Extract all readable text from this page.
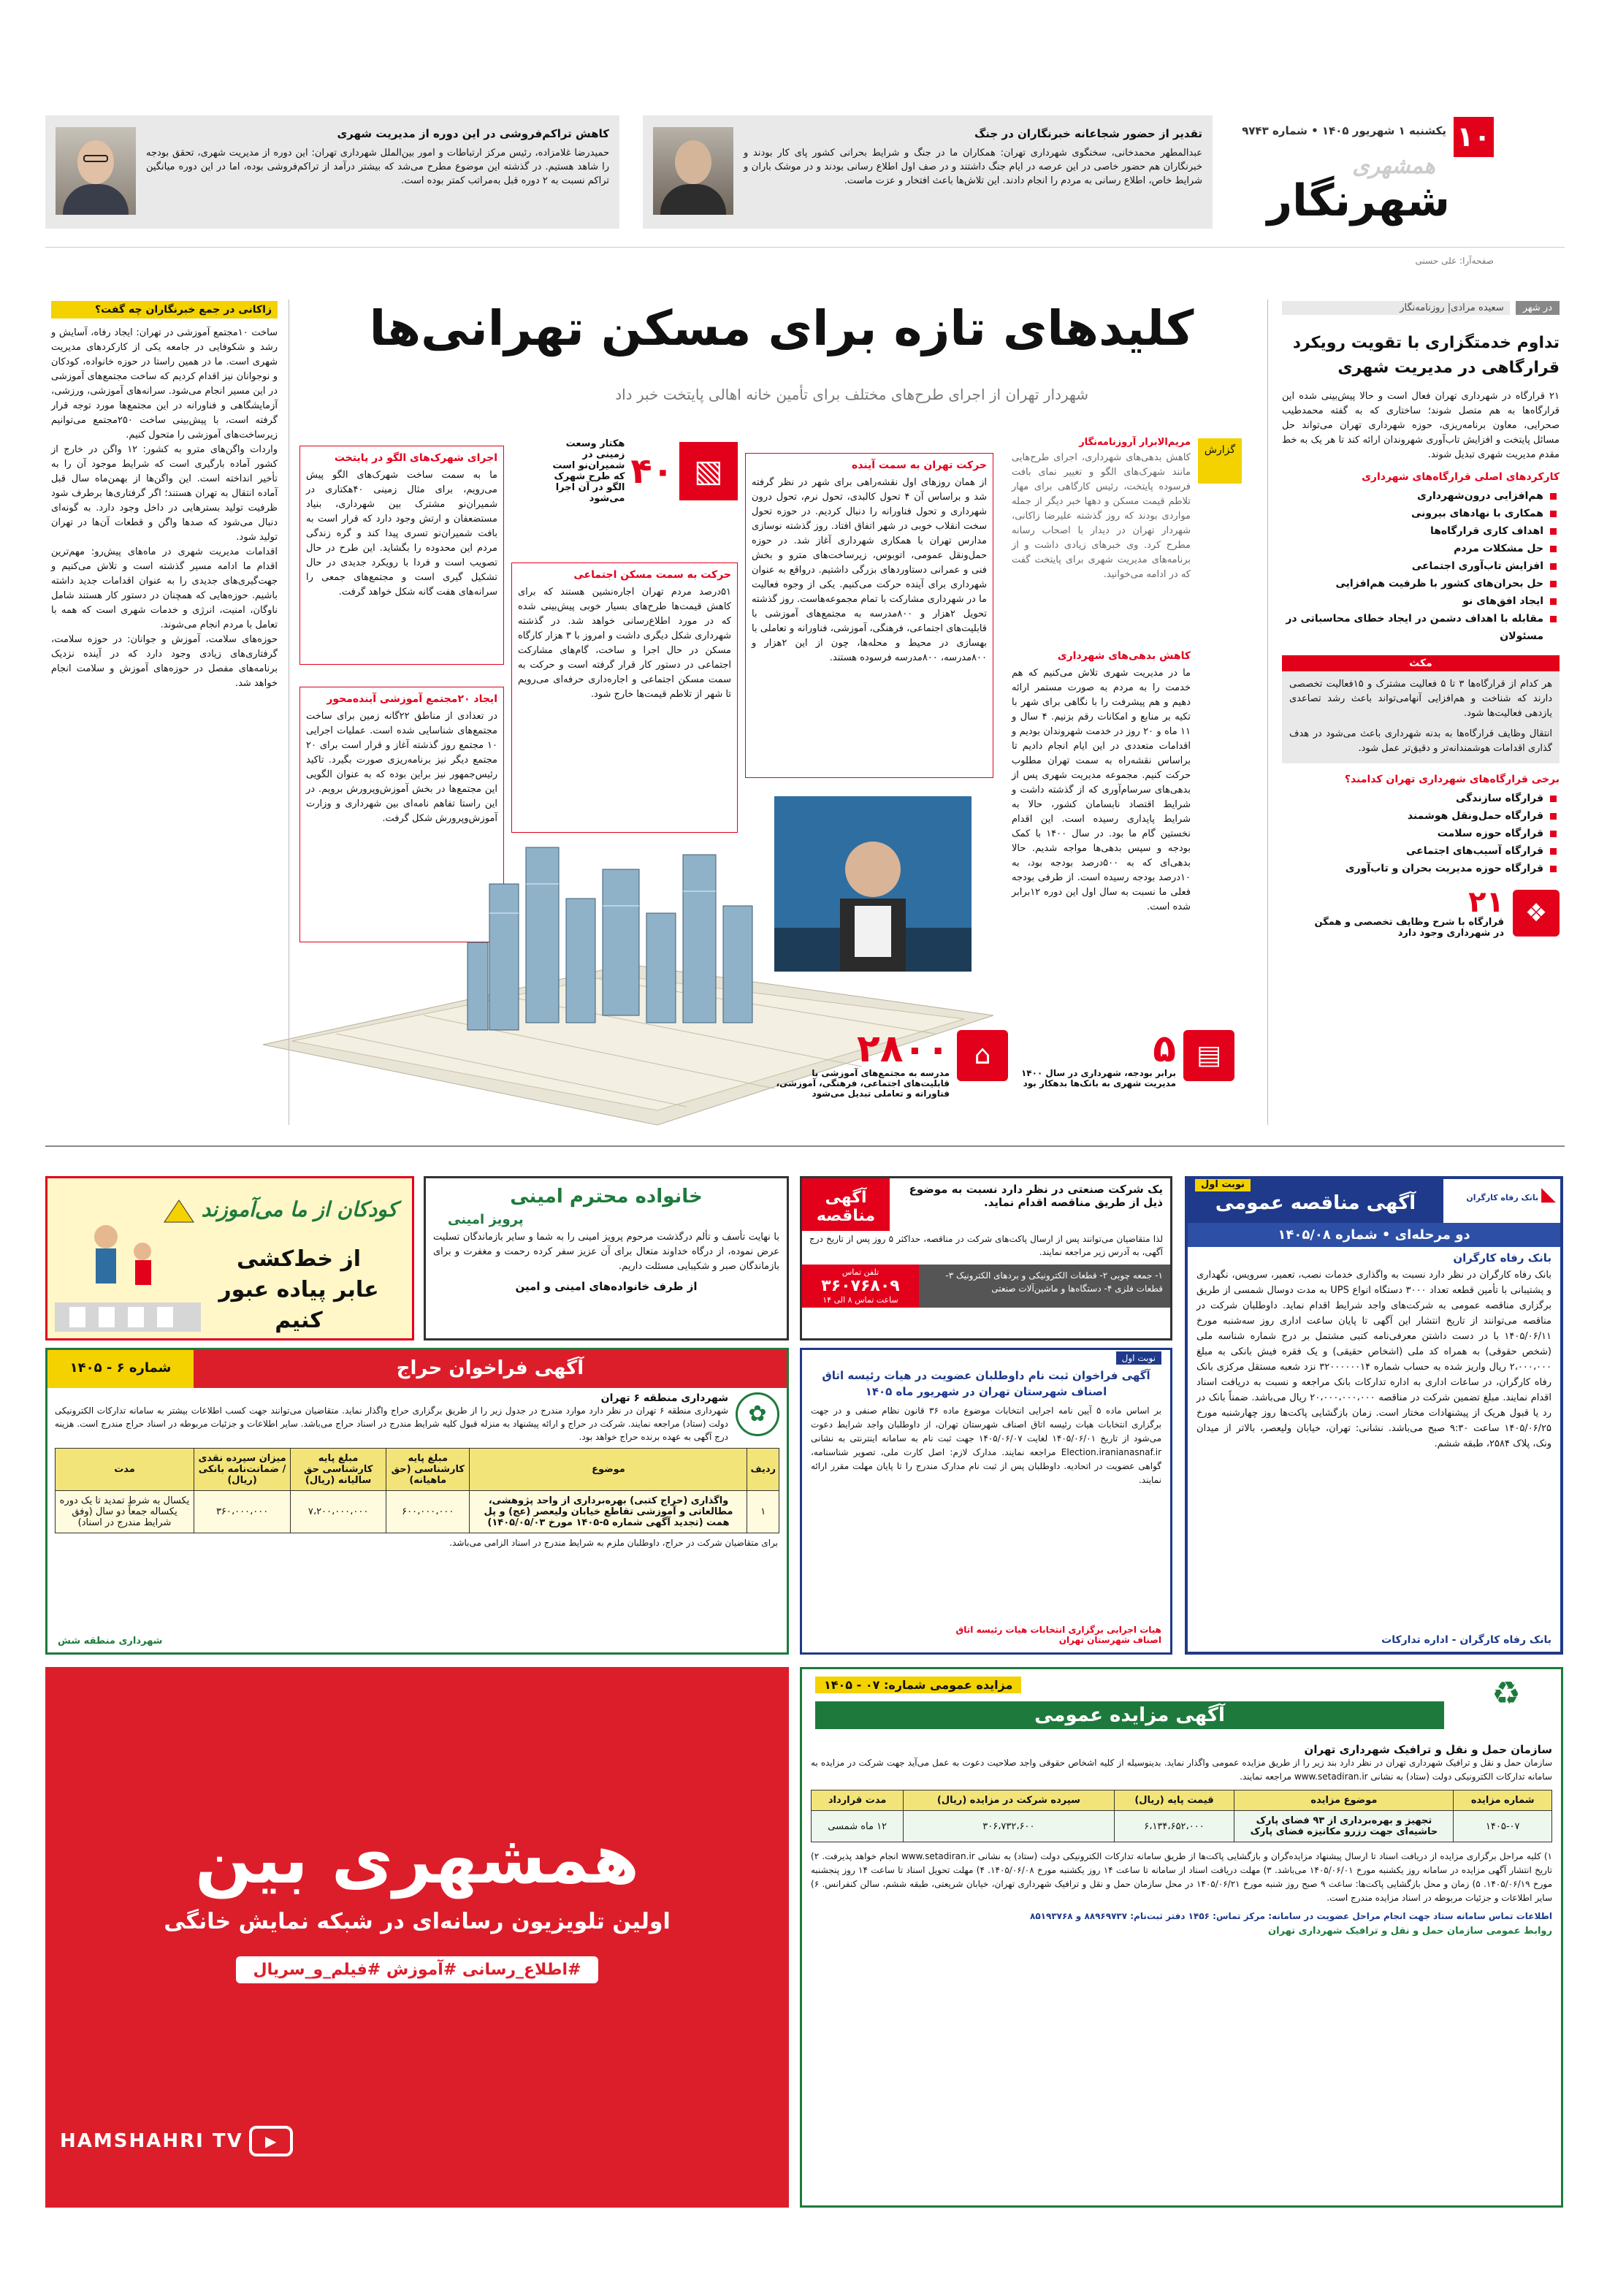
۱۰
یکشنبه ۱ شهریور ۱۴۰۵ • شماره ۹۷۴۳
همشهری
شهرنگار
صفحه‌آرا: علی حسنی
تقدیر از حضور شجاعانه خبرنگاران در جنگ

عبدالمطهر محمدخانی، سخنگوی شهرداری تهران: همکاران ما در جنگ و شرایط بحرانی کشور پای کار بودند و خبرنگاران هم حضور خاصی در این عرصه در ایام جنگ داشتند و در صف اول اطلاع رسانی بودند و در موشک باران و شرایط خاص، اطلاع رسانی به مردم را انجام دادند. این تلاش‌ها باعث افتخار و عزت ماست.

کاهش تراکم‌فروشی در این دوره از مدیریت شهری

حمیدرضا غلامزاده، رئیس مرکز ارتباطات و امور بین‌الملل شهرداری تهران: این دوره از مدیریت شهری، تحقق بودجه را شاهد هستیم. در گذشته این موضوع مطرح می‌شد که بیشتر درآمد از تراکم‌فروشی بوده، اما در این دوره میانگین تراکم نسبت به ۲ دوره قبل به‌مراتب کمتر بوده است.

در شهر
سعیده مرادی| روزنامه‌نگار
تداوم خدمتگزاری با تقویت رویکرد قرارگاهی در مدیریت شهری

۲۱ قرارگاه در شهرداری تهران فعال است و حالا پیش‌بینی شده این قرارگاه‌ها به هم متصل شوند؛ ساختاری که به گفته محمدطیب صحرایی، معاون برنامه‌ریزی، حوزه شهرداری تهران می‌تواند حل مسائل پایتخت و افزایش تاب‌آوری شهروندان ارائه کند تا هر یک به خط مقدم مدیریت شهری تبدیل شوند.

کارکردهای اصلی قرارگاه‌های شهرداری
هم‌افزایی درون‌شهرداری
همکاری با نهادهای بیرونی
اهداف کاری قرارگاه‌ها
حل مشکلات مردم
افزایش تاب‌آوری اجتماعی
حل بحران‌های کشور با ظرفیت هم‌افزایی
ایجاد افق‌های نو
مقابله با اهداف دشمن در ایجاد خطای محاسباتی در مسئولان
مکث

هر کدام از قرارگاه‌ها ۳ تا ۵ فعالیت مشترک و ۱۵فعالیت تخصصی دارند که شناخت و هم‌افزایی آنهامی‌تواند باعث رشد تصاعدی یازدهی فعالیت‌ها شود.

انتقال وظایف قرارگاه‌ها به بدنه شهرداری باعث می‌شود در هدف گذاری اقدامات هوشمندانه‌تر و دقیق‌تر عمل شود.

برخی قرارگاه‌های شهرداری تهران کدامند؟
قرارگاه سازندگی
قرارگاه حمل‌ونقل هوشمند
قرارگاه حوزه سلامت
قرارگاه آسیب‌های اجتماعی
قرارگاه حوزه مدیریت بحران و تاب‌آوری
❖
۲۱
قرارگاه با شرح وظایف تخصصی و همگن در شهرداری وجود دارد
کلیدهای تازه برای مسکن تهرانی‌ها
شهردار تهران از اجرای طرح‌های مختلف برای تأمین خانه اهالی پایتخت خبر داد
گزارش
مریم‌الابرار آروزنامه‌نگار

کاهش بدهی‌های شهرداری، اجرای طرح‌هایی مانند شهرک‌های الگو و تغییر نمای بافت فرسوده پایتخت، رئیس کارگاهی برای مهار تلاطم قیمت مسکن و دهها خبر دیگر از جمله مواردی بودند که روز گذشته علیرضا زاکانی، شهردار تهران در دیدار با اصحاب رسانه مطرح کرد. وی خبرهای زیادی داشت و از برنامه‌های مدیریت شهری برای پایتخت گفت که در ادامه می‌خوانید.

کاهش بدهی‌های شهرداری

ما در مدیریت شهری تلاش می‌کنیم که هم خدمت را به مردم به صورت مستمر ارائه دهیم و هم پیشرفت را با نگاهی برای شهر با تکیه بر منابع و امکانات رقم بزنیم. ۴ سال و ۱۱ ماه و ۲۰ روز در خدمت شهروندان بودیم و اقدامات متعددی در این ایام انجام دادیم تا براساس نقشه‌راه به سمت تهران مطلوب حرکت کنیم. مجموعه مدیریت شهری پس از بدهی‌های سرسام‌آوری که از گذشته داشت و شرایط اقتصاد نابسامان کشور، حالا به شرایط پایداری رسیده است. این اقدام نخستین گام ما بود. در سال ۱۴۰۰ با کمک بودجه و سپس بدهی‌ها مواجه شدیم. حالا بدهی‌ای که به ۵۰۰درصد بودجه بود، به ۱۰درصد بودجه رسیده است. از طرفی بودجه فعلی ما نسبت به سال اول این دوره ۱۲برابر شده است.

حرکت تهران به سمت آینده

از همان روزهای اول نقشه‌راهی برای شهر در نظر گرفته شد و براساس آن ۴ تحول کالبدی، تحول نرم، تحول درون شهرداری و تحول فناورانه را دنبال کردیم. در حوزه تحول سخت انقلاب خوبی در شهر اتفاق افتاد. روز گذشته نوسازی مدارس تهران با همکاری شهرداری آغاز شد. در حوزه حمل‌ونقل عمومی، اتوبوس، زیرساخت‌های مترو و بخش فنی و عمرانی دستاوردهای بزرگی داشتیم. درواقع به عنوان شهرداری برای آینده حرکت می‌کنیم. یکی از وجوه فعالیت ما در شهرداری مشارکت با تمام مجموعه‌هاست. روز گذشته تحویل ۲هزار و ۸۰۰مدرسه به مجتمع‌های آموزشی با قابلیت‌های اجتماعی، فرهنگی، آموزشی، فناورانه و تعاملی با بهسازی در محیط و محله‌ها، چون از این ۲هزار و ۸۰۰مدرسه، ۸۰۰مدرسه فرسوده هستند.

▧
۴۰
هکتار وسعت زمینی در شمیران‌نو است که طرح شهرک الگو در آن اجرا می‌شود
اجرای شهرک‌های الگو در پایتخت

ما به سمت ساخت شهرک‌های الگو پیش می‌رویم، برای مثال زمینی ۴۰هکتاری در شمیران‌نو مشترک بین شهرداری، بنیاد مستضعفان و ارتش وجود دارد که قرار است به بافت شمیران‌نو تسری پیدا کند و گره زندگی مردم این محدوده را بگشاید. این طرح در حال تصویب است و فردا با رویکرد جدیدی در حال تشکیل گیری است و مجتمع‌های جمعی را سرانه‌های هفت گانه شکل خواهد گرفت.

حرکت به سمت مسکن اجتماعی

۵۱درصد مردم تهران اجاره‌نشین هستند که برای کاهش قیمت‌ها طرح‌های بسیار خوبی پیش‌بینی شده که در مورد اطلاع‌رسانی خواهد شد. در گذشته شهرداری شکل دیگری داشت و امروز با ۳ هزار کارگاه مسکن در حال اجرا و ساخت، گام‌های مشارکت اجتماعی در دستور کار قرار گرفته است و حرکت به سمت مسکن اجتماعی و اجاره‌داری حرفه‌ای می‌رویم تا شهر از تلاطم قیمت‌ها خارج شود.

ایجاد ۲۰مجتمع آموزشی آینده‌محور

در تعدادی از مناطق ۲۲گانه زمین برای ساخت مجتمع‌های شناسایی شده است. عملیات اجرایی ۱۰ مجتمع روز گذشته آغاز و قرار است برای ۲۰ مجتمع دیگر نیز برنامه‌ریزی صورت بگیرد. تاکید رئیس‌جمهور نیز براین بوده که به عنوان الگویی این مجتمع‌ها در بخش آموزش‌وپرورش برویم. در این راستا تفاهم نامه‌ای بین شهرداری و وزارت آموزش‌وپرورش شکل گرفت.

⌂
۲۸۰۰
مدرسه به مجتمع‌های آموزشی با قابلیت‌های اجتماعی، فرهنگی، آموزشی، فناورانه و تعاملی تبدیل می‌شود
▤
۵
برابر بودجه، شهرداری در سال ۱۴۰۰ مدیریت شهری به بانک‌ها بدهکار بود
زاکانی در جمع خبرنگاران چه گفت؟

ساخت ۱۰مجتمع آموزشی در تهران: ایجاد رفاه، آسایش و رشد و شکوفایی در جامعه یکی از کارکردهای مدیریت شهری است. ما در همین راستا در حوزه خانواده، کودکان و نوجوانان نیز اقدام کردیم که ساخت مجتمع‌های آموزشی در این مسیر انجام می‌شود. سرانه‌های آموزشی، ورزشی، آزمایشگاهی و فناورانه در این مجتمع‌ها مورد توجه قرار گرفته است، با پیش‌بینی ساخت ۲۵۰مجتمع می‌توانیم زیرساخت‌های آموزشی را متحول کنیم.
واردات واگن‌های مترو به کشور: ۱۲ واگن در خارج از کشور آماده بارگیری است که شرایط موجود آن را به تأخیر انداخته است. این واگن‌ها از بهمن‌ماه سال قبل آماده انتقال به تهران هستند؛ اگر گرفتاری‌ها برطرف شود ظرفیت تولید بسترهایی در داخل وجود دارد. به گونه‌ای دنبال می‌شود که صدها واگن و قطعات آن‌ها در تهران تولید شود.
اقدامات مدیریت شهری در ماه‌های پیش‌رو: مهم‌ترین اقدام ما ادامه مسیر گذشته است و تلاش می‌کنیم و جهت‌گیری‌های جدیدی را به عنوان اقدامات جدید داشته باشیم. حوزه‌هایی که همچنان در دستور کار هستند شامل ناوگان، امنیت، انرژی و خدمات شهری است که همه با تعامل با مردم انجام می‌شوند.
حوزه‌های سلامت، آموزش و جوانان: در حوزه سلامت، گرفتاری‌های زیادی وجود دارد که در آینده نزدیک برنامه‌های مفصل در حوزه‌های آموزش و سلامت انجام خواهد شد.

◣ بانک رفاه کارگران
نوبت اول
آگهی مناقصه عمومی
دو مرحله‌ای • شماره ۱۴۰۵/۰۸
بانک رفاه کارگران

بانک رفاه کارگران در نظر دارد نسبت به واگذاری خدمات نصب، تعمیر، سرویس، نگهداری و پشتیبانی با تأمین قطعه تعداد ۳۰۰۰ دستگاه انواع UPS به مدت دوسال شمسی از طریق برگزاری مناقصه عمومی به شرکت‌های واجد شرایط اقدام نماید. داوطلبان شرکت در مناقصه می‌توانند از تاریخ انتشار این آگهی تا پایان ساعت اداری روز سه‌شنبه مورخ ۱۴۰۵/۰۶/۱۱ با در دست داشتن معرفی‌نامه کتبی مشتمل بر درج شماره شناسه ملی (شخص حقوقی) به همراه کد ملی (اشخاص حقیقی) و یک فقره فیش بانکی به مبلغ ۲،۰۰۰،۰۰۰ ریال واریز شده به حساب شماره ۳۲۰۰۰۰۰۰۱۴ نزد شعبه مستقل مرکزی بانک رفاه کارگران، در ساعات اداری به اداره تدارکات بانک مراجعه و نسبت به دریافت اسناد اقدام نمایند. مبلغ تضمین شرکت در مناقصه ۲۰،۰۰۰،۰۰۰،۰۰۰ ریال می‌باشد. ضمناً بانک در رد یا قبول هریک از پیشنهادات مختار است. زمان بازگشایی پاکت‌ها روز چهارشنبه مورخ ۱۴۰۵/۰۶/۲۵ ساعت ۹:۳۰ صبح می‌باشد. نشانی: تهران، خیابان ولیعصر، بالاتر از میدان ونک، پلاک ۲۵۸۴، طبقه ششم.

بانک رفاه کارگران - اداره تدارکات
یک شرکت صنعتی در نظر دارد نسبت به موضوع ذیل از طریق مناقصه اقدام نماید.
آگهی مناقصه

لذا متقاضیان می‌توانند پس از ارسال پاکت‌های شرکت در مناقصه، حداکثر ۵ روز پس از تاریخ درج آگهی، به آدرس زیر مراجعه نمایند.

۱- جمعه چوبی ۲- قطعات الکترونیکی و بردهای الکترونیک ۳- قطعات فلزی ۴- دستگاه‌ها و ماشین‌آلات صنعتی
تلفن تماس
۳۶۰۷۶۸۰۹
ساعت تماس ۸ الی ۱۴
خانواده محترم امینی
پرویز امینی

با نهایت تأسف و تألم درگذشت مرحوم پرویز امینی را به شما و سایر بازماندگان تسلیت عرض نموده، از درگاه خداوند متعال برای آن عزیز سفر کرده رحمت و مغفرت و برای بازماندگان صبر و شکیبایی مسئلت داریم.

از طرف خانواده‌های امینی و امین
کودکان از ما می‌آموزند
از خط‌کشی عابر پیاده عبور کنیم
آگهی فراخوان حراج
شماره ۶ - ۱۴۰۵
✿
شهرداری منطقه ۶ تهران

شهرداری منطقه ۶ تهران در نظر دارد موارد مندرج در جدول زیر را از طریق برگزاری حراج واگذار نماید. متقاضیان می‌توانند جهت کسب اطلاعات بیشتر به سامانه تدارکات الکترونیکی دولت (ستاد) مراجعه نمایند. شرکت در حراج و ارائه پیشنهاد به منزله قبول کلیه شرایط مندرج در اسناد حراج می‌باشد. سایر اطلاعات و جزئیات مربوطه در اسناد حراج مندرج است. هزینه درج آگهی به عهده برنده حراج خواهد بود.

ردیف	موضوع	مبلغ پایه کارشناسی (حق ماهیانه)	مبلغ پایه کارشناسی حق سالیانه (ریال)	میزان سپرده نقدی / ضمانت‌نامه بانکی (ریال)	مدت
۱	واگذاری (حراج کتبی) بهره‌برداری از واحد پژوهشی، مطالعاتی و آموزشی تقاطع خیابان ولیعصر (عج) و پل همت (تجدید آگهی شماره ۵-۱۴۰۵ مورخ ۱۴۰۵/۰۵/۰۳)	۶۰۰،۰۰۰،۰۰۰	۷،۲۰۰،۰۰۰،۰۰۰	۳۶۰،۰۰۰،۰۰۰	یکسال به شرط تمدید تا یک دوره یکساله جمعاً دو سال (وفق شرایط مندرج در اسناد)
برای متقاضیان شرکت در حراج، داوطلبان ملزم به شرایط مندرج در اسناد الزامی می‌باشد.
شهرداری منطقه شش
نوبت اول
آگهی فراخوان ثبت نام داوطلبان عضویت در هیات رئیسه اتاق اصناف شهرستان تهران در شهریور ماه ۱۴۰۵

بر اساس ماده ۵ آیین نامه اجرایی انتخابات موضوع ماده ۳۶ قانون نظام صنفی و در جهت برگزاری انتخابات هیات رئیسه اتاق اصناف شهرستان تهران، از داوطلبان واجد شرایط دعوت می‌شود از تاریخ ۱۴۰۵/۰۶/۰۱ لغایت ۱۴۰۵/۰۶/۰۷ جهت ثبت نام به سامانه اینترنتی به نشانی Election.iranianasnaf.ir مراجعه نمایند. مدارک لازم: اصل کارت ملی، تصویر شناسنامه، گواهی عضویت در اتحادیه. داوطلبان پس از ثبت نام مدارک مندرج را تا پایان مهلت مقرر ارائه نمایند.

هیات اجرایی برگزاری انتخابات هیات رئیسه اتاق اصناف شهرستان تهران
همشهری بین
اولین تلویزیون رسانه‌ای در شبکه نمایش خانگی
#اطلاع_رسانی #آموزش #فیلم_و_سریال
▶
HAMSHAHRI TV
♻
مزایده عمومی شماره: ۰۷ - ۱۴۰۵
آگهی مزایده عمومی
سازمان حمل و نقل و ترافیک شهرداری تهران

سازمان حمل و نقل و ترافیک شهرداری تهران در نظر دارد بند زیر را از طریق مزایده عمومی واگذار نماید. بدینوسیله از کلیه اشخاص حقوقی واجد صلاحیت دعوت به عمل می‌آید جهت شرکت در مزایده به سامانه تدارکات الکترونیکی دولت (ستاد) به نشانی www.setadiran.ir مراجعه نمایند.

شماره مزایده	موضوع مزایده	قیمت پایه (ریال)	سپرده شرکت در مزایده (ریال)	مدت قرارداد
۱۴۰۵-۰۷	تجهیز و بهره‌برداری از ۹۳ فضای پارک حاشیه‌ای جهت رزرو مکانیزه فضای پارک	۶،۱۳۴،۶۵۲،۰۰۰	۳۰۶،۷۳۲،۶۰۰	۱۲ ماه شمسی

۱) کلیه مراحل برگزاری مزایده از دریافت اسناد تا ارسال پیشنهاد مزایده‌گران و بازگشایی پاکت‌ها از طریق سامانه تدارکات الکترونیکی دولت (ستاد) به نشانی www.setadiran.ir انجام خواهد پذیرفت. ۲) تاریخ انتشار آگهی مزایده در سامانه روز یکشنبه مورخ ۱۴۰۵/۰۶/۰۱ می‌باشد. ۳) مهلت دریافت اسناد از سامانه تا ساعت ۱۴ روز یکشنبه مورخ ۱۴۰۵/۰۶/۰۸. ۴) مهلت تحویل اسناد تا ساعت ۱۴ روز پنجشنبه مورخ ۱۴۰۵/۰۶/۱۹. ۵) زمان و محل بازگشایی پاکت‌ها: ساعت ۹ صبح روز شنبه مورخ ۱۴۰۵/۰۶/۲۱ در محل سازمان حمل و نقل و ترافیک شهرداری تهران، خیابان شریعتی، طبقه ششم، سالن کنفرانس. ۶) سایر اطلاعات و جزئیات مربوطه در اسناد مزایده مندرج است.

اطلاعات تماس سامانه ستاد جهت انجام مراحل عضویت در سامانه: مرکز تماس: ۱۴۵۶ دفتر ثبت‌نام: ۸۸۹۶۹۷۳۷ و ۸۵۱۹۳۷۶۸
روابط عمومی سازمان حمل و نقل و ترافیک شهرداری تهران
